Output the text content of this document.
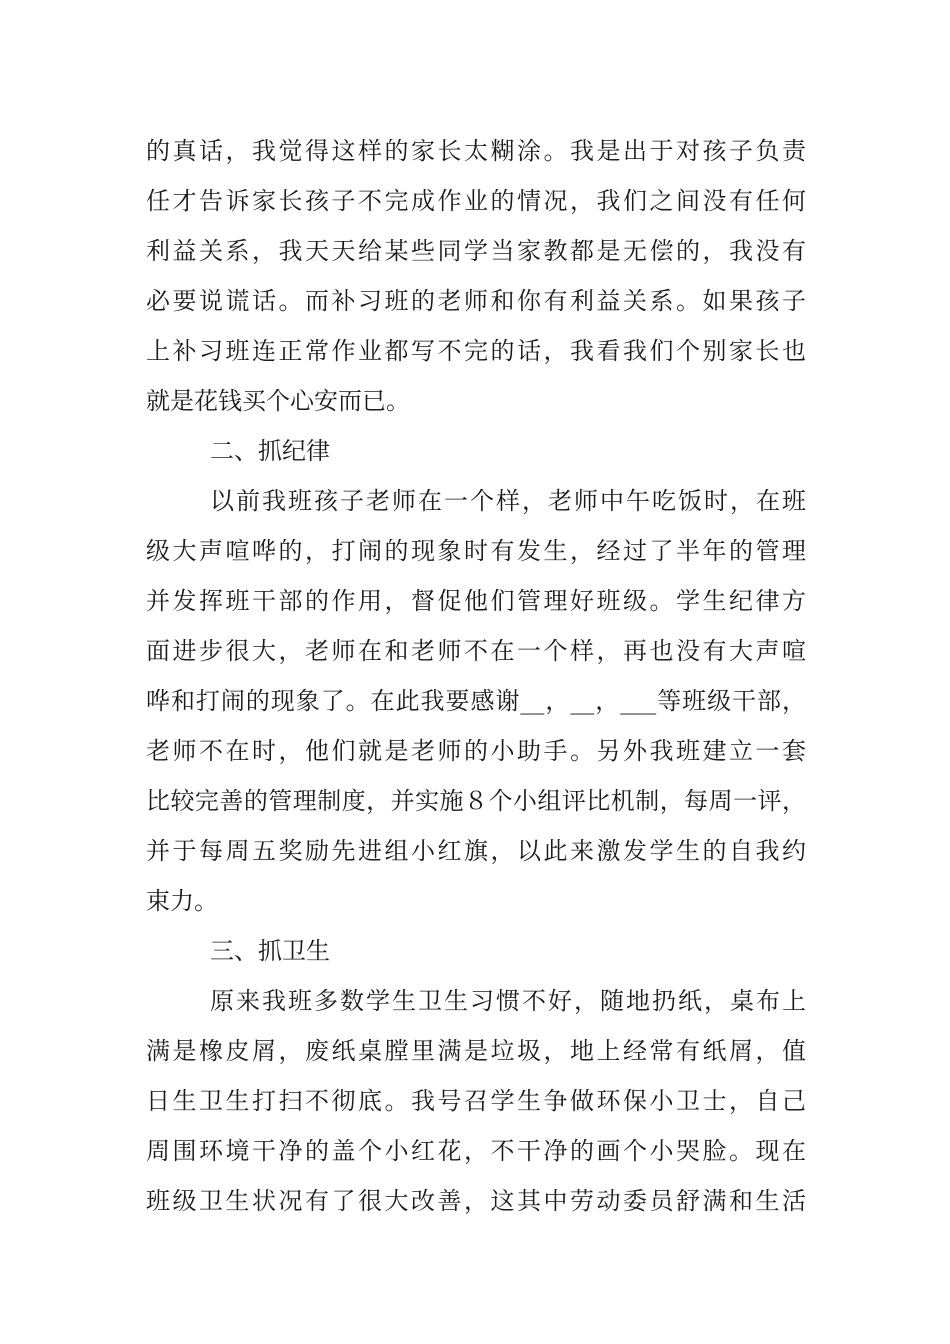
的真话，我觉得这样的家长太糊涂。我是出于对孩子负责
任才告诉家长孩子不完成作业的情况，我们之间没有任何
利益关系，我天天给某些同学当家教都是无偿的，我没有
必要说谎话。而补习班的老师和你有利益关系。如果孩子
上补习班连正常作业都写不完的话，我看我们个别家长也
就是花钱买个心安而已。
二、抓纪律
以前我班孩子老师在一个样，老师中午吃饭时，在班
级大声喧哗的，打闹的现象时有发生，经过了半年的管理
并发挥班干部的作用，督促他们管理好班级。学生纪律方
面进步很大，老师在和老师不在一个样，再也没有大声喧
哗和打闹的现象了。在此我要感谢__，__，___等班级干部，
老师不在时，他们就是老师的小助手。另外我班建立一套
比较完善的管理制度，并实施８个小组评比机制，每周一评，
并于每周五奖励先进组小红旗，以此来激发学生的自我约
束力。
三、抓卫生
原来我班多数学生卫生习惯不好，随地扔纸，桌布上
满是橡皮屑，废纸桌膛里满是垃圾，地上经常有纸屑，值
日生卫生打扫不彻底。我号召学生争做环保小卫士，自己
周围环境干净的盖个小红花，不干净的画个小哭脸。现在
班级卫生状况有了很大改善，这其中劳动委员舒满和生活
